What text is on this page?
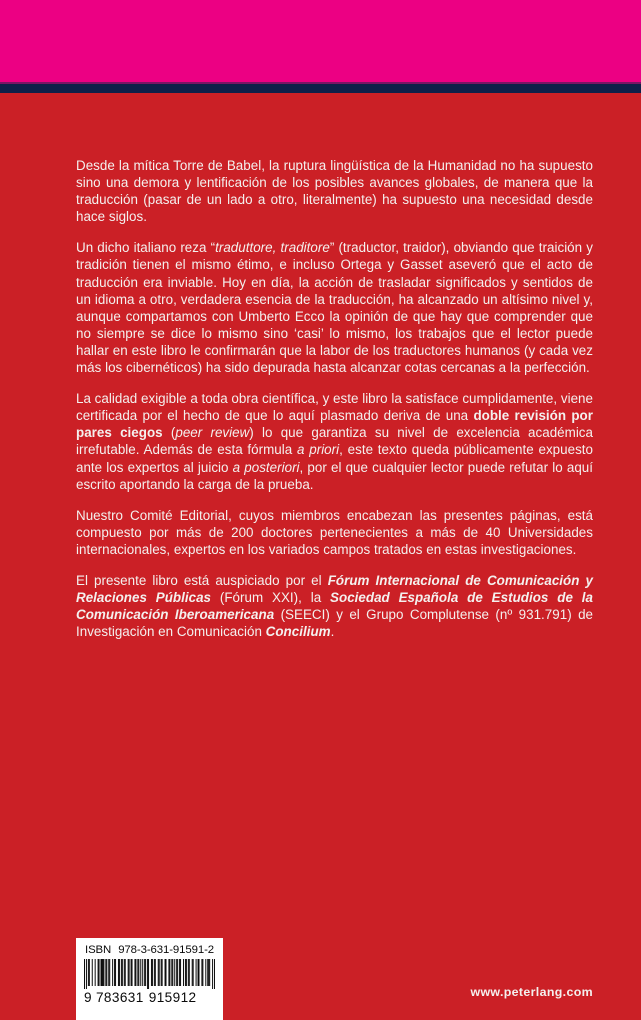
Desde la mítica Torre de Babel, la ruptura lingüística de la Humanidad no ha supuesto sino una demora y lentificación de los posibles avances globales, de manera que la traducción (pasar de un lado a otro, literalmente) ha supuesto una necesidad desde hace siglos.

Un dicho italiano reza “traduttore, traditore” (traductor, traidor), obviando que traición y tradición tienen el mismo étimo, e incluso Ortega y Gasset aseveró que el acto de traducción era inviable. Hoy en día, la acción de trasladar significados y sentidos de un idioma a otro, verdadera esencia de la traducción, ha alcanzado un altísimo nivel y, aunque compartamos con Umberto Ecco la opinión de que hay que comprender que no siempre se dice lo mismo sino ‘casi’ lo mismo, los trabajos que el lector puede hallar en este libro le confirmarán que la labor de los traductores humanos (y cada vez más los cibernéticos) ha sido depurada hasta alcanzar cotas cercanas a la perfección.

La calidad exigible a toda obra científica, y este libro la satisface cumplidamente, viene certificada por el hecho de que lo aquí plasmado deriva de una doble revisión por pares ciegos (peer review) lo que garantiza su nivel de excelencia académica irrefutable. Además de esta fórmula a priori, este texto queda públicamente expuesto ante los expertos al juicio a posteriori, por el que cualquier lector puede refutar lo aquí escrito aportando la carga de la prueba.

Nuestro Comité Editorial, cuyos miembros encabezan las presentes páginas, está compuesto por más de 200 doctores pertenecientes a más de 40 Universidades internacionales, expertos en los variados campos tratados en estas investigaciones.

El presente libro está auspiciado por el Fórum Internacional de Comunicación y Relaciones Públicas (Fórum XXI), la Sociedad Española de Estudios de la Comunicación Iberoamericana (SEECI) y el Grupo Complutense (nº 931.791) de Investigación en Comunicación Concilium.

ISBN 978-3-631-91591-2
9 783631 915912	www.peterlang.com
